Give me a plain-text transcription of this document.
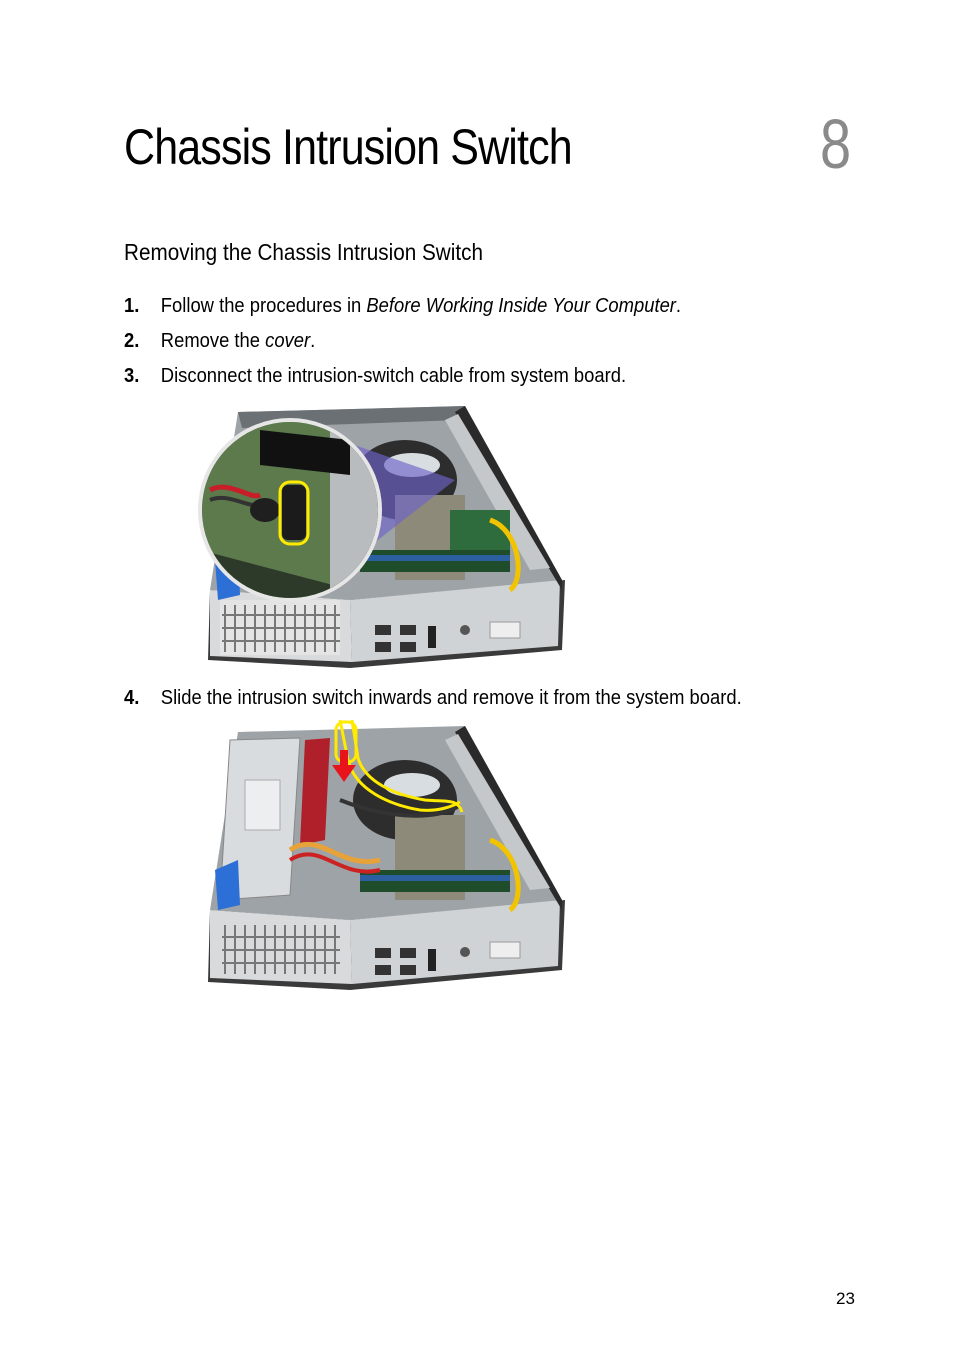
Chassis Intrusion Switch	8
Removing the Chassis Intrusion Switch
1. Follow the procedures in Before Working Inside Your Computer.
2. Remove the cover.
3. Disconnect the intrusion-switch cable from system board.
4. Slide the intrusion switch inwards and remove it from the system board.
23
